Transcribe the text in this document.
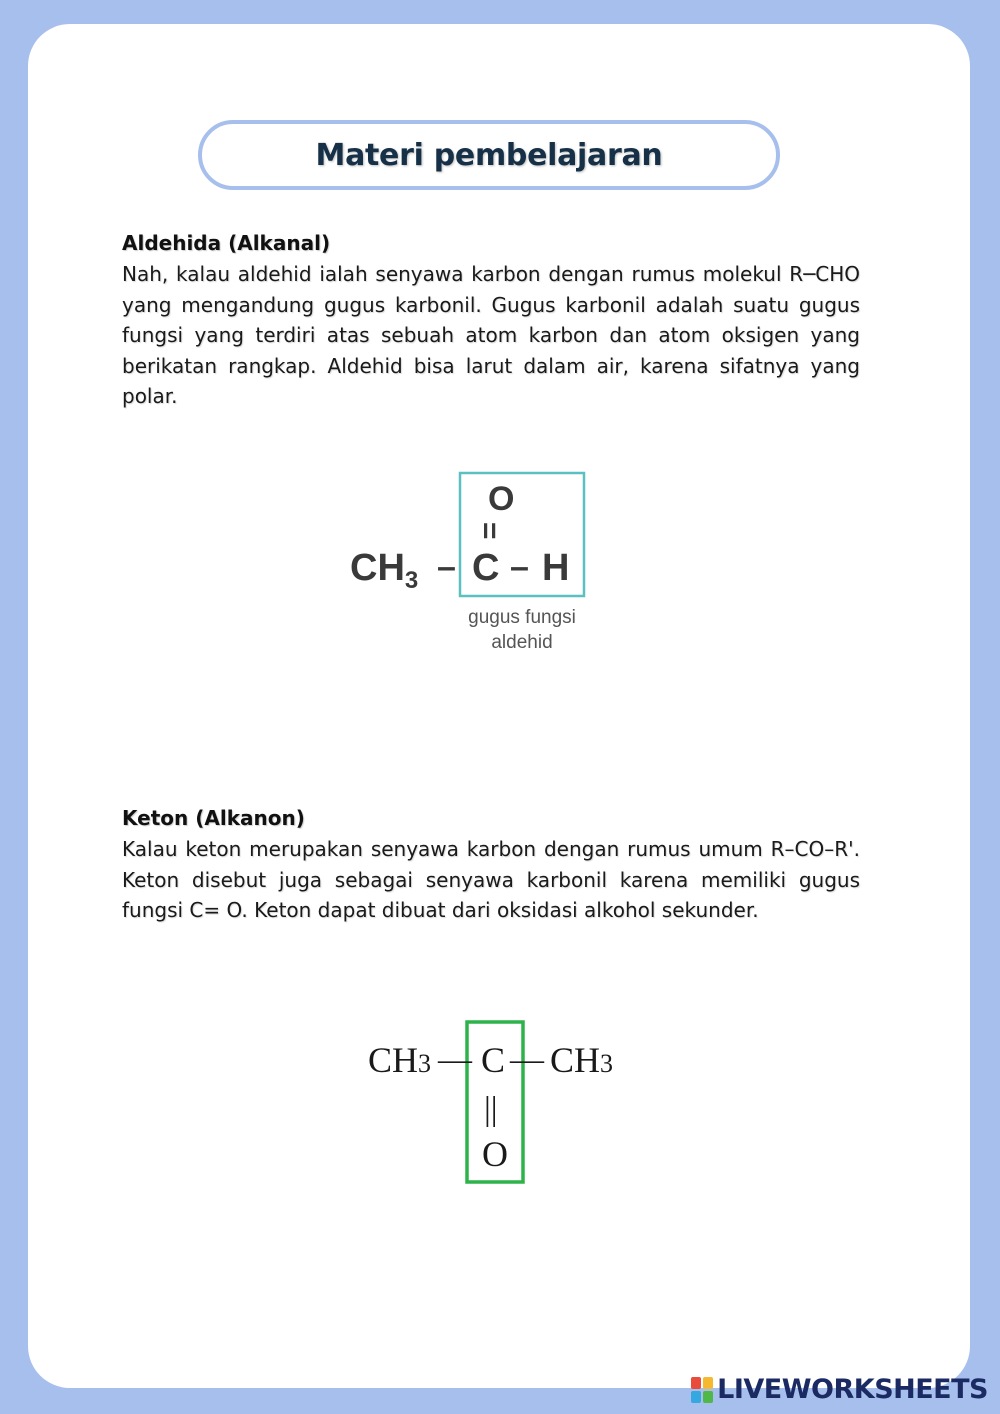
Materi pembelajaran
Aldehida (Alkanal)

Nah, kalau aldehid ialah senyawa karbon dengan rumus molekul R─CHO yang mengandung gugus karbonil. Gugus karbonil adalah suatu gugus fungsi yang terdiri atas sebuah atom karbon dan atom oksigen yang berikatan rangkap. Aldehid bisa larut dalam air, karena sifatnya yang polar.

O
=
$CH_3$ – C – H
gugus fungsi
aldehid
Keton (Alkanon)

Kalau keton merupakan senyawa karbon dengan rumus umum R–CO–R'. Keton disebut juga sebagai senyawa karbonil karena memiliki gugus fungsi C= O. Keton dapat dibuat dari oksidasi alkohol sekunder.

CH3 — C — CH3
||
O
LIVEWORKSHEETS
